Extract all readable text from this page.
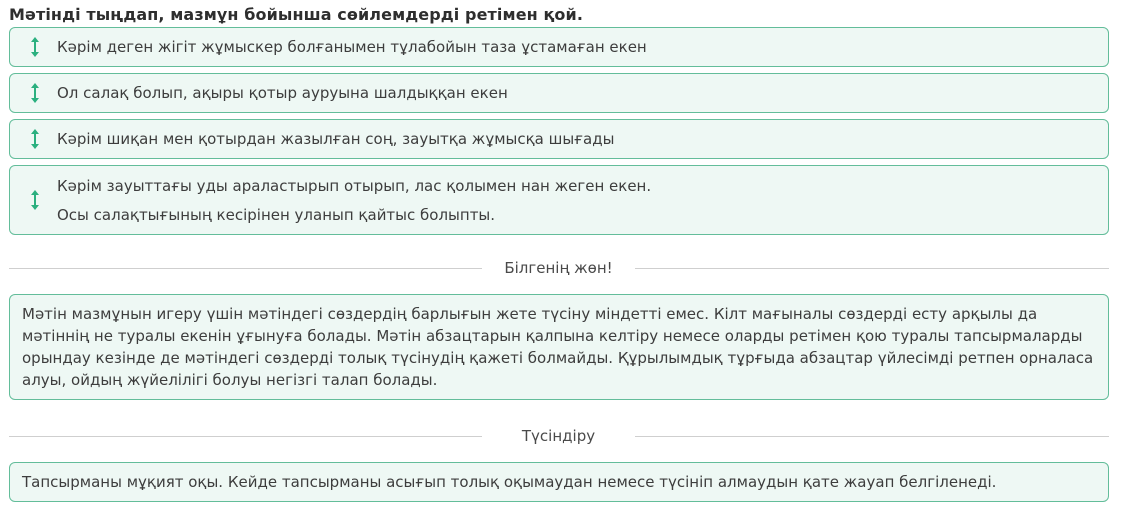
Мәтінді тыңдап, мазмұн бойынша сөйлемдерді ретімен қой.
Кәрім деген жігіт жұмыскер болғанымен тұлабойын таза ұстамаған екен
Ол салақ болып, ақыры қотыр ауруына шалдыққан екен
Кәрім шиқан мен қотырдан жазылған соң, зауытқа жұмысқа шығады
Кәрім зауыттағы уды араластырып отырып, лас қолымен нан жеген екен.
Осы салақтығының кесірінен уланып қайтыс болыпты.
Білгенің жөн!
Мәтін мазмұнын игеру үшін мәтіндегі сөздердің барлығын жете түсіну міндетті емес. Кілт мағыналы сөздерді есту арқылы да мәтіннің не туралы екенін ұғынуға болады. Мәтін абзацтарын қалпына келтіру немесе оларды ретімен қою туралы тапсырмаларды орындау кезінде де мәтіндегі сөздерді толық түсінудің қажеті болмайды. Құрылымдық тұрғыда абзацтар үйлесімді ретпен орналаса алуы, ойдың жүйелілігі болуы негізгі талап болады.
Түсіндіру
Тапсырманы мұқият оқы. Кейде тапсырманы асығып толық оқымаудан немесе түсініп алмаудын қате жауап белгіленеді.
